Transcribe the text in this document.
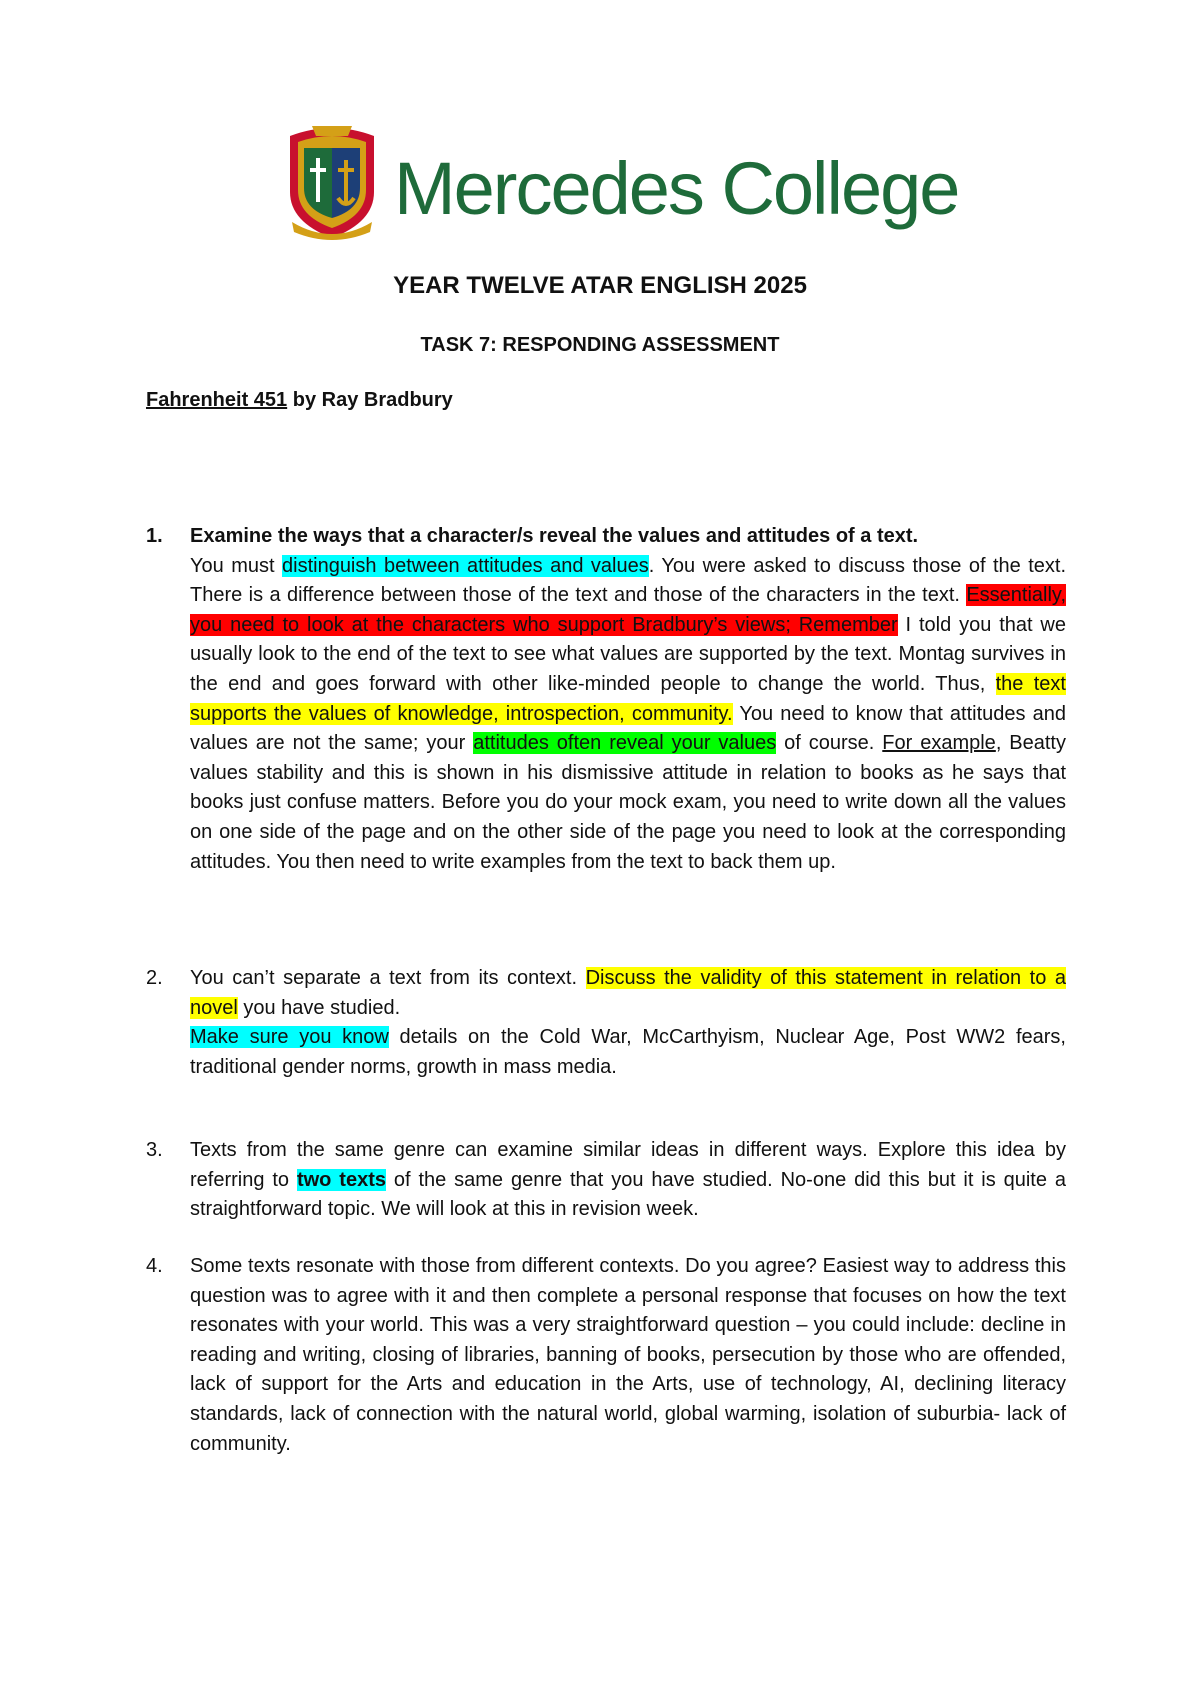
Mercedes College
YEAR TWELVE ATAR ENGLISH 2025
TASK 7: RESPONDING ASSESSMENT
Fahrenheit 451 by Ray Bradbury
1.	Examine the ways that a character/s reveal the values and attitudes of a text.
You must distinguish between attitudes and values. You were asked to discuss those of the text. There is a difference between those of the text and those of the characters in the text. Essentially, you need to look at the characters who support Bradbury’s views; Remember I told you that we usually look to the end of the text to see what values are supported by the text. Montag survives in the end and goes forward with other like-minded people to change the world. Thus, the text supports the values of knowledge, introspection, community. You need to know that attitudes and values are not the same; your attitudes often reveal your values of course. For example, Beatty values stability and this is shown in his dismissive attitude in relation to books as he says that books just confuse matters. Before you do your mock exam, you need to write down all the values on one side of the page and on the other side of the page you need to look at the corresponding attitudes. You then need to write examples from the text to back them up.
2.	You can’t separate a text from its context. Discuss the validity of this statement in relation to a novel you have studied.
Make sure you know details on the Cold War, McCarthyism, Nuclear Age, Post WW2 fears, traditional gender norms, growth in mass media.
3.	Texts from the same genre can examine similar ideas in different ways. Explore this idea by referring to two texts of the same genre that you have studied. No-one did this but it is quite a straightforward topic. We will look at this in revision week.
4.	Some texts resonate with those from different contexts. Do you agree? Easiest way to address this question was to agree with it and then complete a personal response that focuses on how the text resonates with your world. This was a very straightforward question – you could include: decline in reading and writing, closing of libraries, banning of books, persecution by those who are offended, lack of support for the Arts and education in the Arts, use of technology, AI, declining literacy standards, lack of connection with the natural world, global warming, isolation of suburbia- lack of community.
